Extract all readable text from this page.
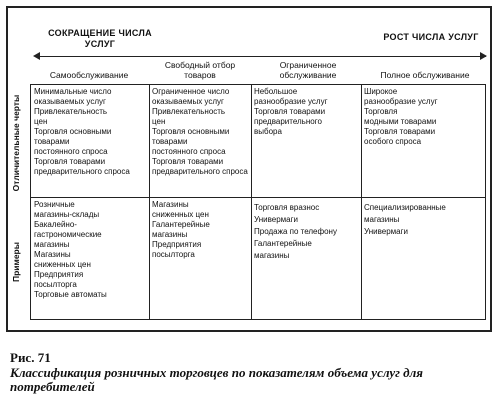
СОКРАЩЕНИЕ ЧИСЛА УСЛУГ
РОСТ ЧИСЛА УСЛУГ
Самообслуживание
Свободный отбор товаров
Ограниченное обслуживание	Полное обслуживание
Отличительные черты
Примеры
Минимальные чиcло
оказываемых услуг
Привлекательность
цен
Торговля основными
товарами
постоянного спроса
Торговля товарами
предварительного спроса
Ограниченное число
оказываемых услуг
Привлекательность
цен
Торговля основными
товарами
постоянного спроса
Торговля товарами
предварительного спроса
Небольшое
разнообразие услуг
Торговля товарами
предварительного
выбора
Широкое
разнообразие услуг
Торговля
модными товарами
Торговля товарами
особого спроса
Розничные
магазины-склады
Бакалейно-
гастрономические
магазины
Магазины
сниженных цен
Предприятия
посылторга
Торговые автоматы
Магазины
сниженных цен
Галантерейные
магазины
Предприятия
посылторга
Торговля вразнос
Универмаги
Продажа по телефону
Галантерейные
магазины
Специализированные
магазины
Универмаги
Рис. 71
Классификация розничных торговцев по показателям объема услуг для потребителей
